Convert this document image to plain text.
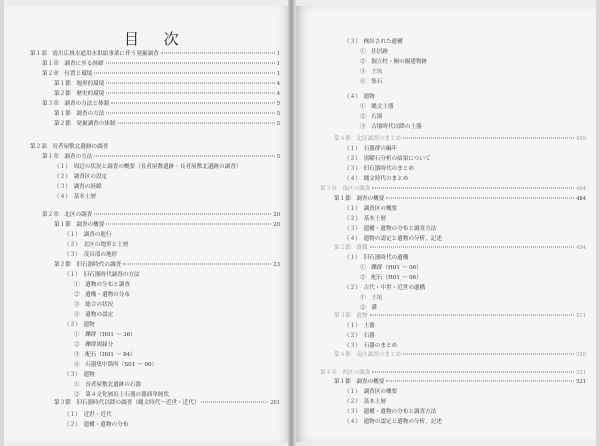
目 次
第１部　霞川広域水道用水供給事業に伴う発掘調査	1
第１章　調査に至る経緯	1
第２章　位置と環境	1
第１節　地形的環境	4
第２節　歴史的環境	4
第３章　調査の方法と体制	5
第１節　調査の方法	5
第２節　発掘調査の体制	5
第２部　長者屋敷北遺跡の調査
第１章　調査の方法	5
（１）　周辺の状況と調査の概要（長者屋敷遺跡・長者屋敷北遺跡の調査）
（２）　調査区の設定
（３）　調査の経緯
（４）　基本土層
第２章　北区の調査	20
第１節　調査の概要	20
（１）　調査の進行
（２）　北区の地形と土層
（３）　茂呂部の地形
第２節　旧石器時代の調査	23
（１）　旧石器時代調査の方法
①　遺物の分布と調査
②　遺構・遺物の分布
③　総合の状況
④　遺物の認定
（２）　遺物
①　礫群（H01 ～ 36）
②　礫群図録分
③　配石（H01 ～ 84）
④　石器集中箇所（S01 ～ 06）
（３）　遺物
①　長者屋敷北遺跡の石器
②　第４文化層出土石器の器面単純状
第３節　旧石器時代以降の調査（縄文時代〜近世・近代）	201
（１）　近世・近代
（２）　遺構・遺物の分布
（３）　検出された遺構
①　住居跡
②　掘立柱・桐の掘建物跡
③　土坑
④　集石
（４）　遺物
①　縄文土器
②　石器
③　古墳時代以降の土器
第４節　北区調査のまとめ	459
（１）　石器群の編年
（２）　黒曜石分析の結果について
（３）　旧石器時代のまとめ
（４）　縄文時代のまとめ
第３章　南区の調査	484
第１節　調査の概要	484
（１）　調査区の概要
（２）　基本土層
（３）　遺構・遺物の分布と調査方法
（４）　遺物の認定と遺物の分析，記述
第２節　遺構	494
（１）　旧石器時代の遺構
①　礫群（H01 ～ 06）
②　配石（H01 ～ 06）
（２）　古代・中世・近世の遺構
①　土坑
②　溝
第３節　遺物	511
（１）　土器
（２）　石器
（３）　石器のまとめ
第４節　南区調査のまとめ	520
第４章　西区の調査	521
第１節　調査の概要	521
（１）　調査区の概要
（２）　基本土層
（３）　遺構・遺物の分布と調査方法
（４）　遺物の認定と遺物の分析，記述
